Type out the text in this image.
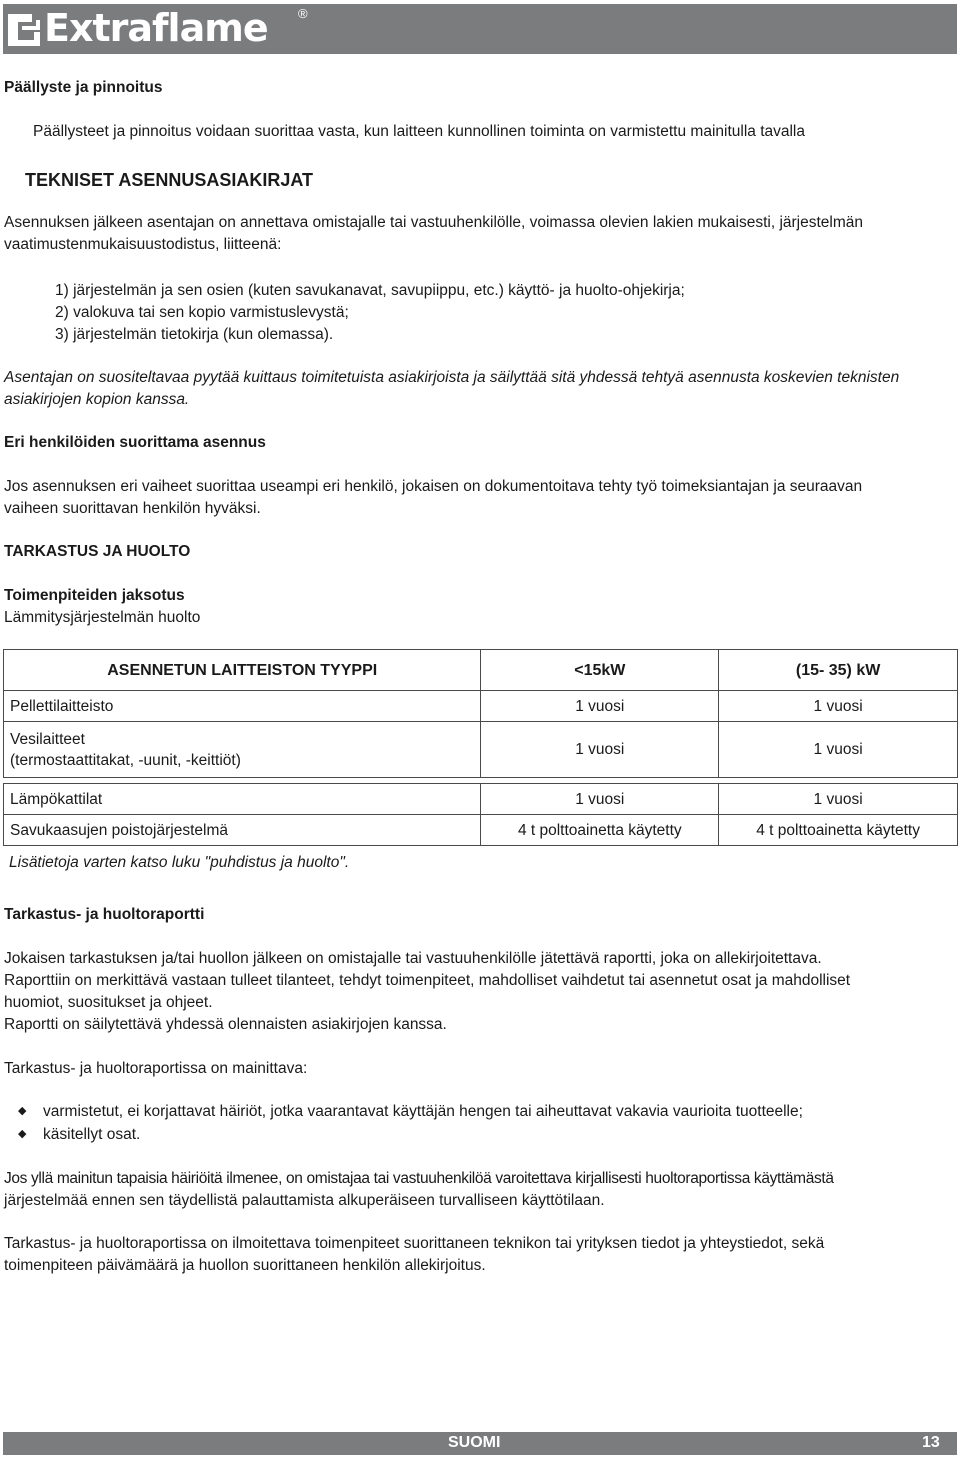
Extraflame ®
Päällyste ja pinnoitus
Päällysteet ja pinnoitus voidaan suorittaa vasta, kun laitteen kunnollinen toiminta on varmistettu mainitulla tavalla
TEKNISET ASENNUSASIAKIRJAT
Asennuksen jälkeen asentajan on annettava omistajalle tai vastuuhenkilölle, voimassa olevien lakien mukaisesti, järjestelmän
vaatimustenmukaisuustodistus, liitteenä:
1) järjestelmän ja sen osien (kuten savukanavat, savupiippu, etc.) käyttö- ja huolto-ohjekirja;
2) valokuva tai sen kopio varmistuslevystä;
3) järjestelmän tietokirja (kun olemassa).
Asentajan on suositeltavaa pyytää kuittaus toimitetuista asiakirjoista ja säilyttää sitä yhdessä tehtyä asennusta koskevien teknisten
asiakirjojen kopion kanssa.
Eri henkilöiden suorittama asennus
Jos asennuksen eri vaiheet suorittaa useampi eri henkilö, jokaisen on dokumentoitava tehty työ toimeksiantajan ja seuraavan
vaiheen suorittavan henkilön hyväksi.
TARKASTUS JA HUOLTO
Toimenpiteiden jaksotus
Lämmitysjärjestelmän huolto
ASENNETUN LAITTEISTON TYYPPI	<15kW	(15- 35) kW
Pellettilaitteisto	1 vuosi	1 vuosi

Vesilaitteet
(termostaattitakat, -uunit, -keittiöt)	1 vuosi	1 vuosi

Lämpökattilat	1 vuosi	1 vuosi
Savukaasujen poistojärjestelmä	4 t polttoainetta käytetty	4 t polttoainetta käytetty
Lisätietoja varten katso luku "puhdistus ja huolto".
Tarkastus- ja huoltoraportti
Jokaisen tarkastuksen ja/tai huollon jälkeen on omistajalle tai vastuuhenkilölle jätettävä raportti, joka on allekirjoitettava.
Raporttiin on merkittävä vastaan tulleet tilanteet, tehdyt toimenpiteet, mahdolliset vaihdetut tai asennetut osat ja mahdolliset
huomiot, suositukset ja ohjeet.
Raportti on säilytettävä yhdessä olennaisten asiakirjojen kanssa.
Tarkastus- ja huoltoraportissa on mainittava:
◆ varmistetut, ei korjattavat häiriöt, jotka vaarantavat käyttäjän hengen tai aiheuttavat vakavia vaurioita tuotteelle;
◆ käsitellyt osat.
Jos yllä mainitun tapaisia häiriöitä ilmenee, on omistajaa tai vastuuhenkilöä varoitettava kirjallisesti huoltoraportissa käyttämästä
järjestelmää ennen sen täydellistä palauttamista alkuperäiseen turvalliseen käyttötilaan.
Tarkastus- ja huoltoraportissa on ilmoitettava toimenpiteet suorittaneen teknikon tai yrityksen tiedot ja yhteystiedot, sekä
toimenpiteen päivämäärä ja huollon suorittaneen henkilön allekirjoitus.
SUOMI	13
